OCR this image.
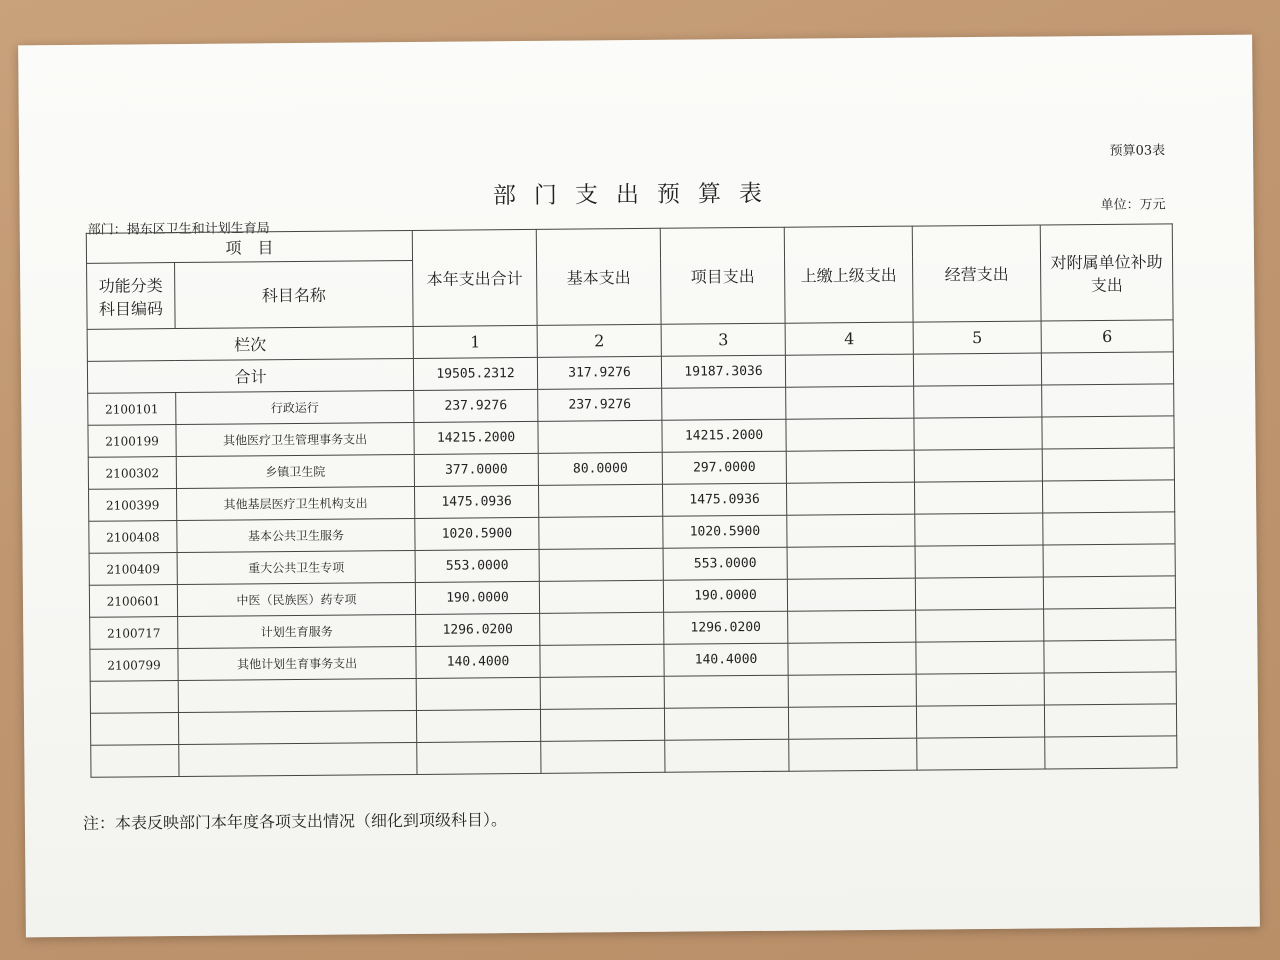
预算03表
部门支出预算表	单位：万元
部门：揭东区卫生和计划生育局
项　目		本年支出合计	基本支出	项目支出	上缴上级支出	经营支出	对附属单位补助支出
功能分类科目编码	科目名称						
栏次		1	2	3	4	5	6
合计		19505.2312	317.9276	19187.3036			
2100101	行政运行	237.9276	237.9276				
2100199	其他医疗卫生管理事务支出	14215.2000		14215.2000			
2100302	乡镇卫生院	377.0000	80.0000	297.0000			
2100399	其他基层医疗卫生机构支出	1475.0936		1475.0936			
2100408	基本公共卫生服务	1020.5900		1020.5900			
2100409	重大公共卫生专项	553.0000		553.0000			
2100601	中医（民族医）药专项	190.0000		190.0000			
2100717	计划生育服务	1296.0200		1296.0200			
2100799	其他计划生育事务支出	140.4000		140.4000			

注：本表反映部门本年度各项支出情况（细化到项级科目）。
